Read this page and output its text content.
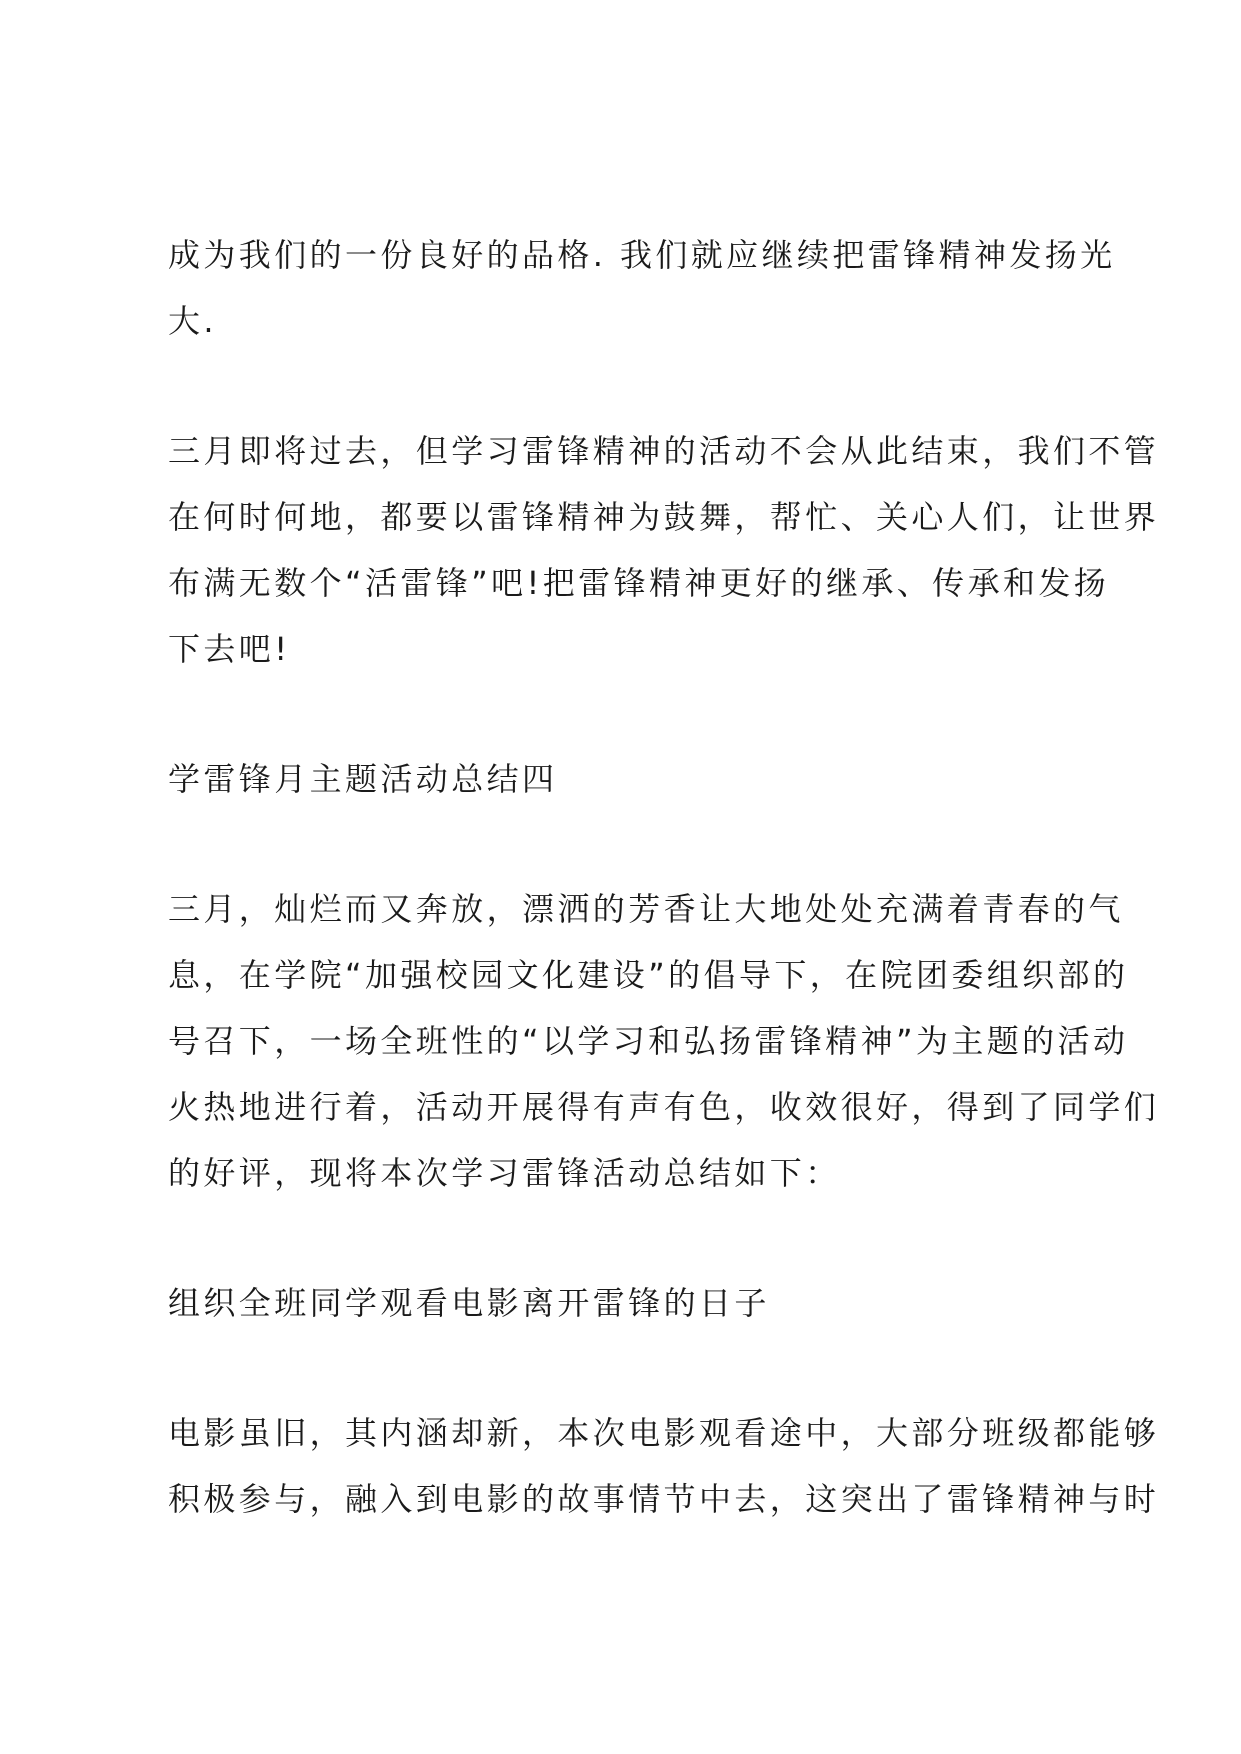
成为我们的一份良好的品格. 我们就应继续把雷锋精神发扬光
大.
三月即将过去，但学习雷锋精神的活动不会从此结束，我们不管
在何时何地，都要以雷锋精神为鼓舞，帮忙、关心人们，让世界
布满无数个“活雷锋”吧!把雷锋精神更好的继承、传承和发扬
下去吧!
学雷锋月主题活动总结四
三月，灿烂而又奔放，漂洒的芳香让大地处处充满着青春的气
息，在学院“加强校园文化建设”的倡导下，在院团委组织部的
号召下，一场全班性的“以学习和弘扬雷锋精神”为主题的活动
火热地进行着，活动开展得有声有色，收效很好，得到了同学们
的好评，现将本次学习雷锋活动总结如下：
组织全班同学观看电影离开雷锋的日子
电影虽旧，其内涵却新，本次电影观看途中，大部分班级都能够
积极参与，融入到电影的故事情节中去，这突出了雷锋精神与时
